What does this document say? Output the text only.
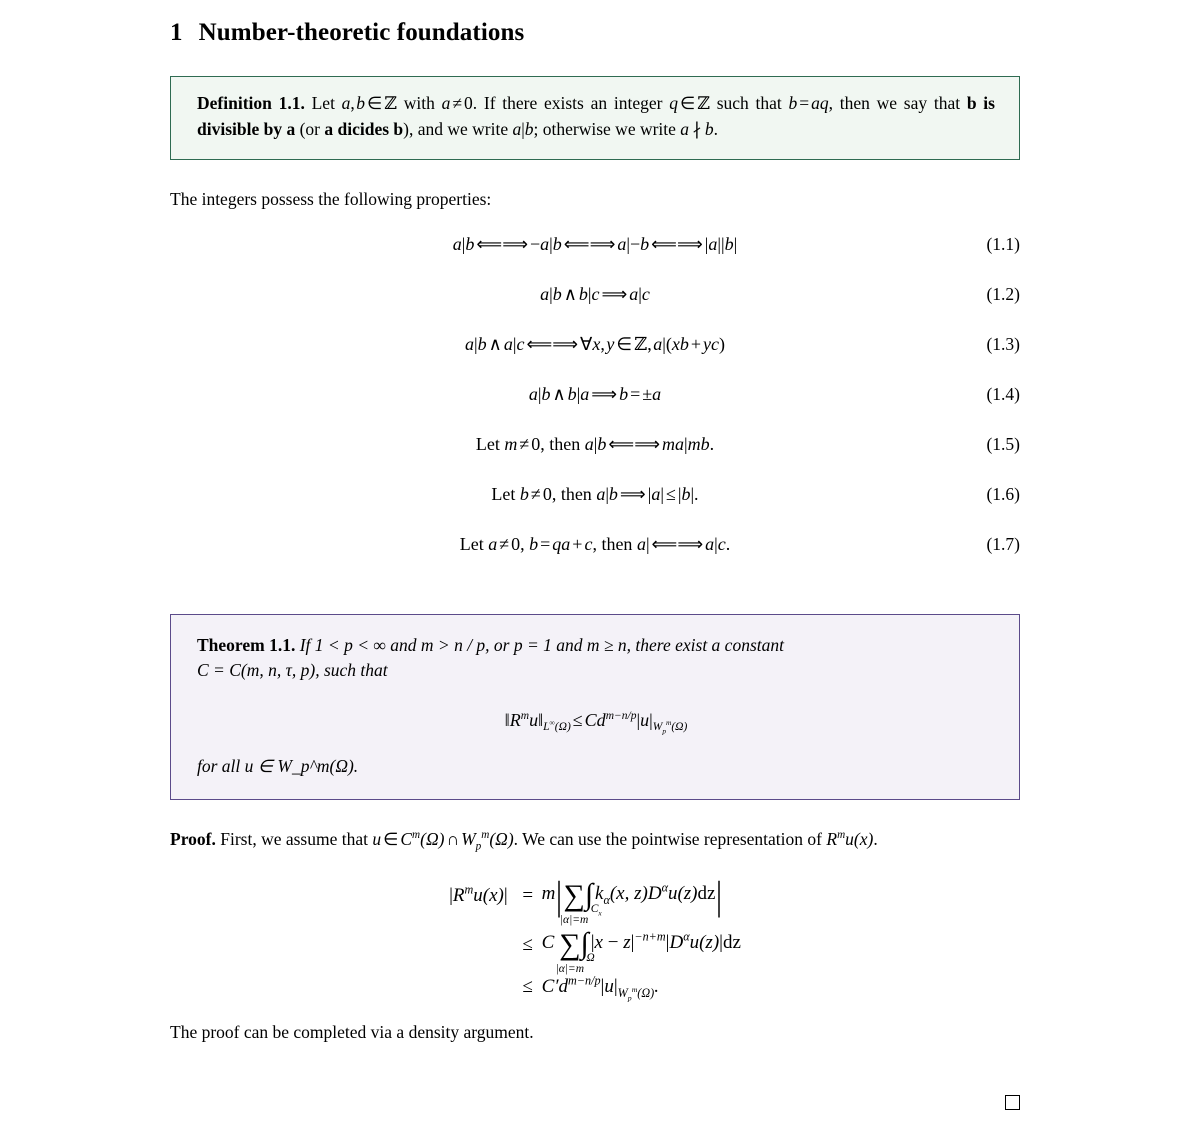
1 Number-theoretic foundations

Definition 1.1. Let a, b ∈ ℤ with a ≠ 0. If there exists an integer q ∈ ℤ such that b = aq, then we say that b is divisible by a (or a dicides b), and we write a|b; otherwise we write a ∤ b.

The integers possess the following properties:

a|b ⟸⟹ −a|b ⟸⟹ a|−b ⟸⟹ |a||b|	(1.1)
a|b ∧ b|c ⟹ a|c	(1.2)
a|b ∧ a|c ⟸⟹ ∀x, y ∈ ℤ, a|(xb + yc)	(1.3)
a|b ∧ b|a ⟹ b = ±a	(1.4)
Let m ≠ 0, then a|b ⟸⟹ ma|mb.	(1.5)
Let b ≠ 0, then a|b ⟹ |a| ≤ |b|.	(1.6)
Let a ≠ 0, b = qa + c, then a| ⟸⟹ a|c.	(1.7)

Theorem 1.1. If 1 < p < ∞ and m > n / p, or p = 1 and m ≥ n, there exist a constant
C = C(m, n, τ, p), such that

$‖R^mu‖_{L^\infty(\Omega)} \le Cd^{m-n/p}|u|_{W_p^m(\Omega)}$

for all u ∈ W_p^m(Ω).

Proof. First, we assume that u ∈ $C^m(\Omega)$ ∩ $W_p^m(\Omega)$. We can use the pointwise representation of $R^mu(x)$.

$|R^mu(x)| = m|\sum$
|α|=m
∫
$C_x$
$k_\alpha(x$, $z)D^\alpha u(z)dz|$
≤ C ∑
|α|=m
∫
Ω
$|x - z|^{-n+m}|D^\alpha u(z)|dz$
≤ $C'd^{m-n/p}|u|_{W_p^m(\Omega)}$.

The proof can be completed via a density argument.
